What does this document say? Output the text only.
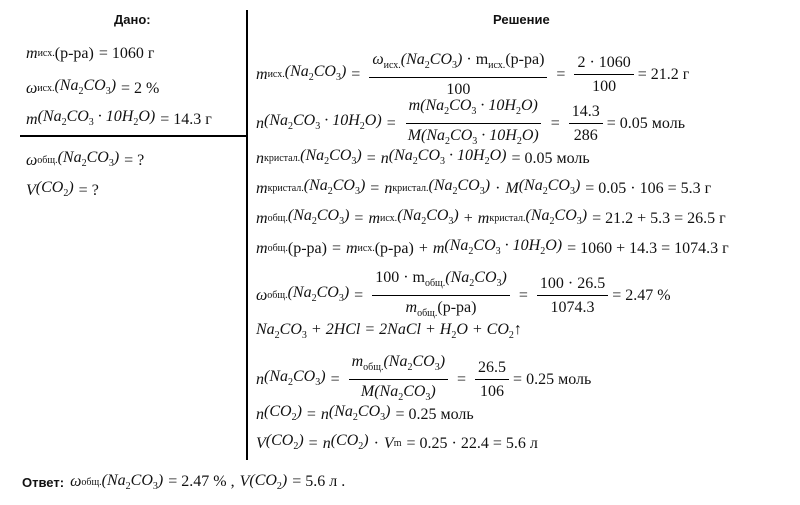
Дано:	Решение
m исх. (р-ра) = 1060 г
ω исх. $(Na_2CO_3) = 2$ %
m $(Na_2CO_3 \cdot 10H_2O) = 14.3$ г
ω общ. $(Na_2CO_3)$ = ?
V $(CO_2)$ = ?
m исх. $(Na_2CO_3) = \frac{\omega_{исх.}(Na_2CO_3) \cdot m_{исх.}(р-ра)}{100} = \frac{2 \cdot 1060}{100} = 21.2$ г
n $(Na_2CO_3 \cdot 10H_2O) = \frac{m(Na_2CO_3 \cdot 10H_2O)}{M(Na_2CO_3 \cdot 10H_2O)} = \frac{14.3}{286} = 0.05$ моль
n кристал. $(Na_2CO_3) = n$ $(Na_2CO_3 \cdot 10H_2O) = 0.05$ моль
m кристал. $(Na_2CO_3) = n$ кристал. $(Na_2CO_3) \cdot M$ $(Na_2CO_3) = 0.05 \cdot 106 = 5.3$ г
m общ. $(Na_2CO_3) = m$ исх. $(Na_2CO_3) + m$ кристал. $(Na_2CO_3) = 21.2 + 5.3 = 26.5$ г
m общ. (р-ра) = m исх. (р-ра) + m $(Na_2CO_3 \cdot 10H_2O) = 1060 + 14.3 = 1074.3$ г
ω общ. $(Na_2CO_3) = \frac{100 \cdot m_{общ.}(Na_2CO_3)}{m_{общ.}(р-ра)} = \frac{100 \cdot 26.5}{1074.3} = 2.47$ %
$Na_2CO_3 + 2HCl$ = 2NaCl + $H_2O$ + $CO_2↑$
n $(Na_2CO_3) = \frac{m_{общ.}(Na_2CO_3)}{M(Na_2CO_3)} = \frac{26.5}{106} = 0.25$ моль
n $(CO_2) = n$ $(Na_2CO_3) = 0.25$ моль
V $(CO_2) = n$ $(CO_2) \cdot V$ m = 0.25 · 22.4 = 5.6 л
Ответ: ω общ. $(Na_2CO_3) = 2.47$ % , V $(CO_2) = 5.6$ л .
